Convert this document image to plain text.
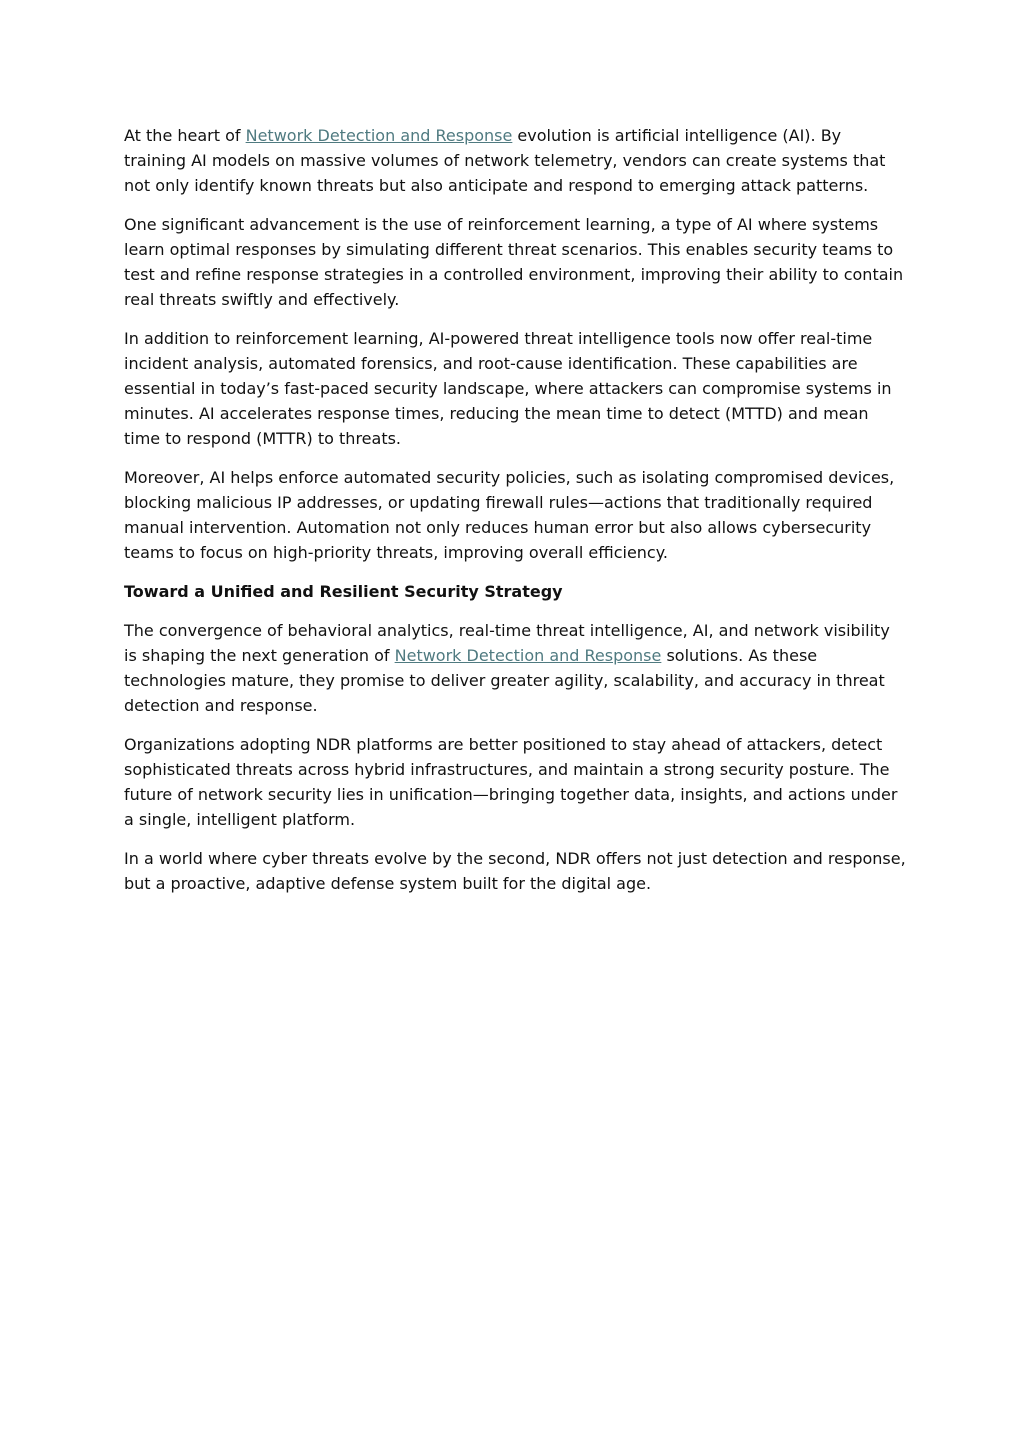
At the heart of Network Detection and Response evolution is artificial intelligence (AI). By training AI models on massive volumes of network telemetry, vendors can create systems that not only identify known threats but also anticipate and respond to emerging attack patterns.

One significant advancement is the use of reinforcement learning, a type of AI where systems learn optimal responses by simulating different threat scenarios. This enables security teams to test and refine response strategies in a controlled environment, improving their ability to contain real threats swiftly and effectively.

In addition to reinforcement learning, AI-powered threat intelligence tools now offer real-time incident analysis, automated forensics, and root-cause identification. These capabilities are essential in today’s fast-paced security landscape, where attackers can compromise systems in minutes. AI accelerates response times, reducing the mean time to detect (MTTD) and mean time to respond (MTTR) to threats.

Moreover, AI helps enforce automated security policies, such as isolating compromised devices, blocking malicious IP addresses, or updating firewall rules—actions that traditionally required manual intervention. Automation not only reduces human error but also allows cybersecurity teams to focus on high-priority threats, improving overall efficiency.

Toward a Unified and Resilient Security Strategy

The convergence of behavioral analytics, real-time threat intelligence, AI, and network visibility is shaping the next generation of Network Detection and Response solutions. As these technologies mature, they promise to deliver greater agility, scalability, and accuracy in threat detection and response.

Organizations adopting NDR platforms are better positioned to stay ahead of attackers, detect sophisticated threats across hybrid infrastructures, and maintain a strong security posture. The future of network security lies in unification—bringing together data, insights, and actions under a single, intelligent platform.

In a world where cyber threats evolve by the second, NDR offers not just detection and response, but a proactive, adaptive defense system built for the digital age.
